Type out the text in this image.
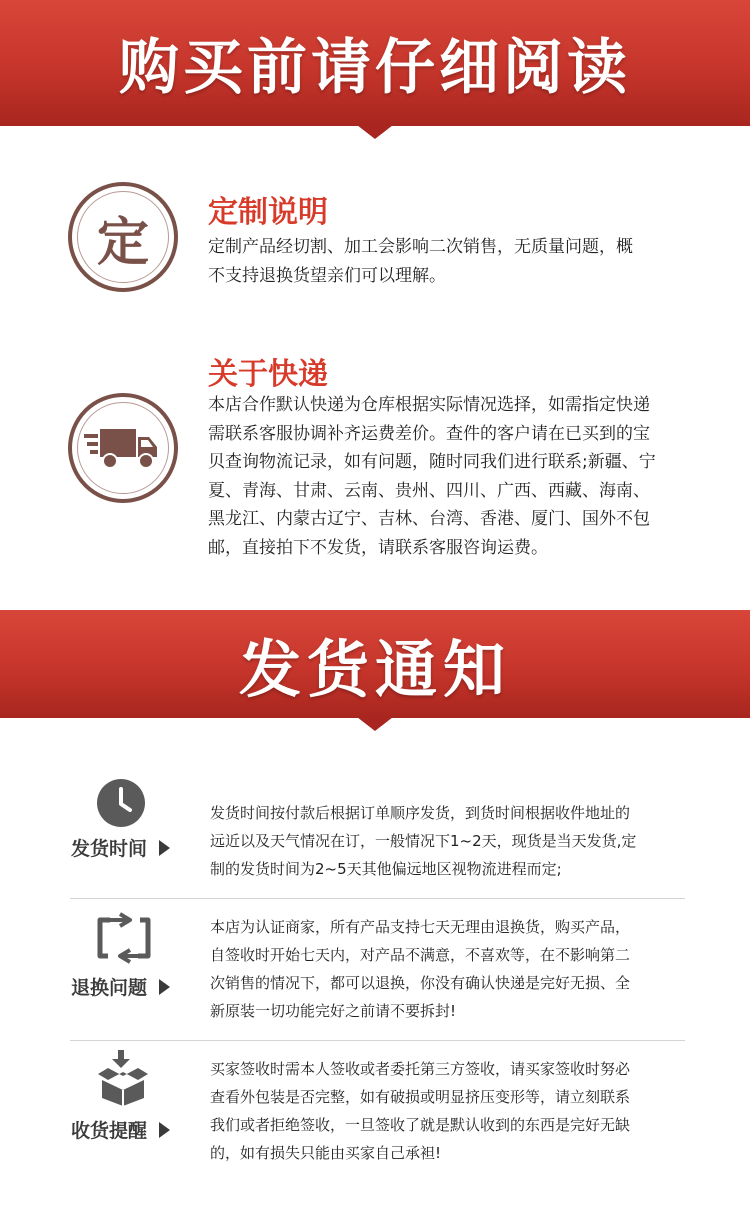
购买前请仔细阅读
定 定制说明
定制产品经切割、加工会影响二次销售，无质量问题，概
不支持退换货望亲们可以理解。
关于快递
本店合作默认快递为仓库根据实际情况选择，如需指定快递
需联系客服协调补齐运费差价。查件的客户请在已买到的宝
贝查询物流记录，如有问题，随时同我们进行联系;新疆、宁
夏、青海、甘肃、云南、贵州、四川、广西、西藏、海南、
黑龙江、内蒙古辽宁、吉林、台湾、香港、厦门、国外不包
邮，直接拍下不发货，请联系客服咨询运费。
发货通知
发货时间
发货时间按付款后根据订单顺序发货，到货时间根据收件地址的
远近以及天气情况在订，一般情况下1~2天，现货是当天发货,定
制的发货时间为2~5天其他偏远地区视物流进程而定;
退换问题
本店为认证商家，所有产品支持七天无理由退换货，购买产品，
自签收时开始七天内，对产品不满意，不喜欢等，在不影响第二
次销售的情况下，都可以退换，你没有确认快递是完好无损、全
新原装一切功能完好之前请不要拆封!
收货提醒
买家签收时需本人签收或者委托第三方签收，请买家签收时努必
查看外包装是否完整，如有破损或明显挤压变形等，请立刻联系
我们或者拒绝签收，一旦签收了就是默认收到的东西是完好无缺
的，如有损失只能由买家自己承袒!
